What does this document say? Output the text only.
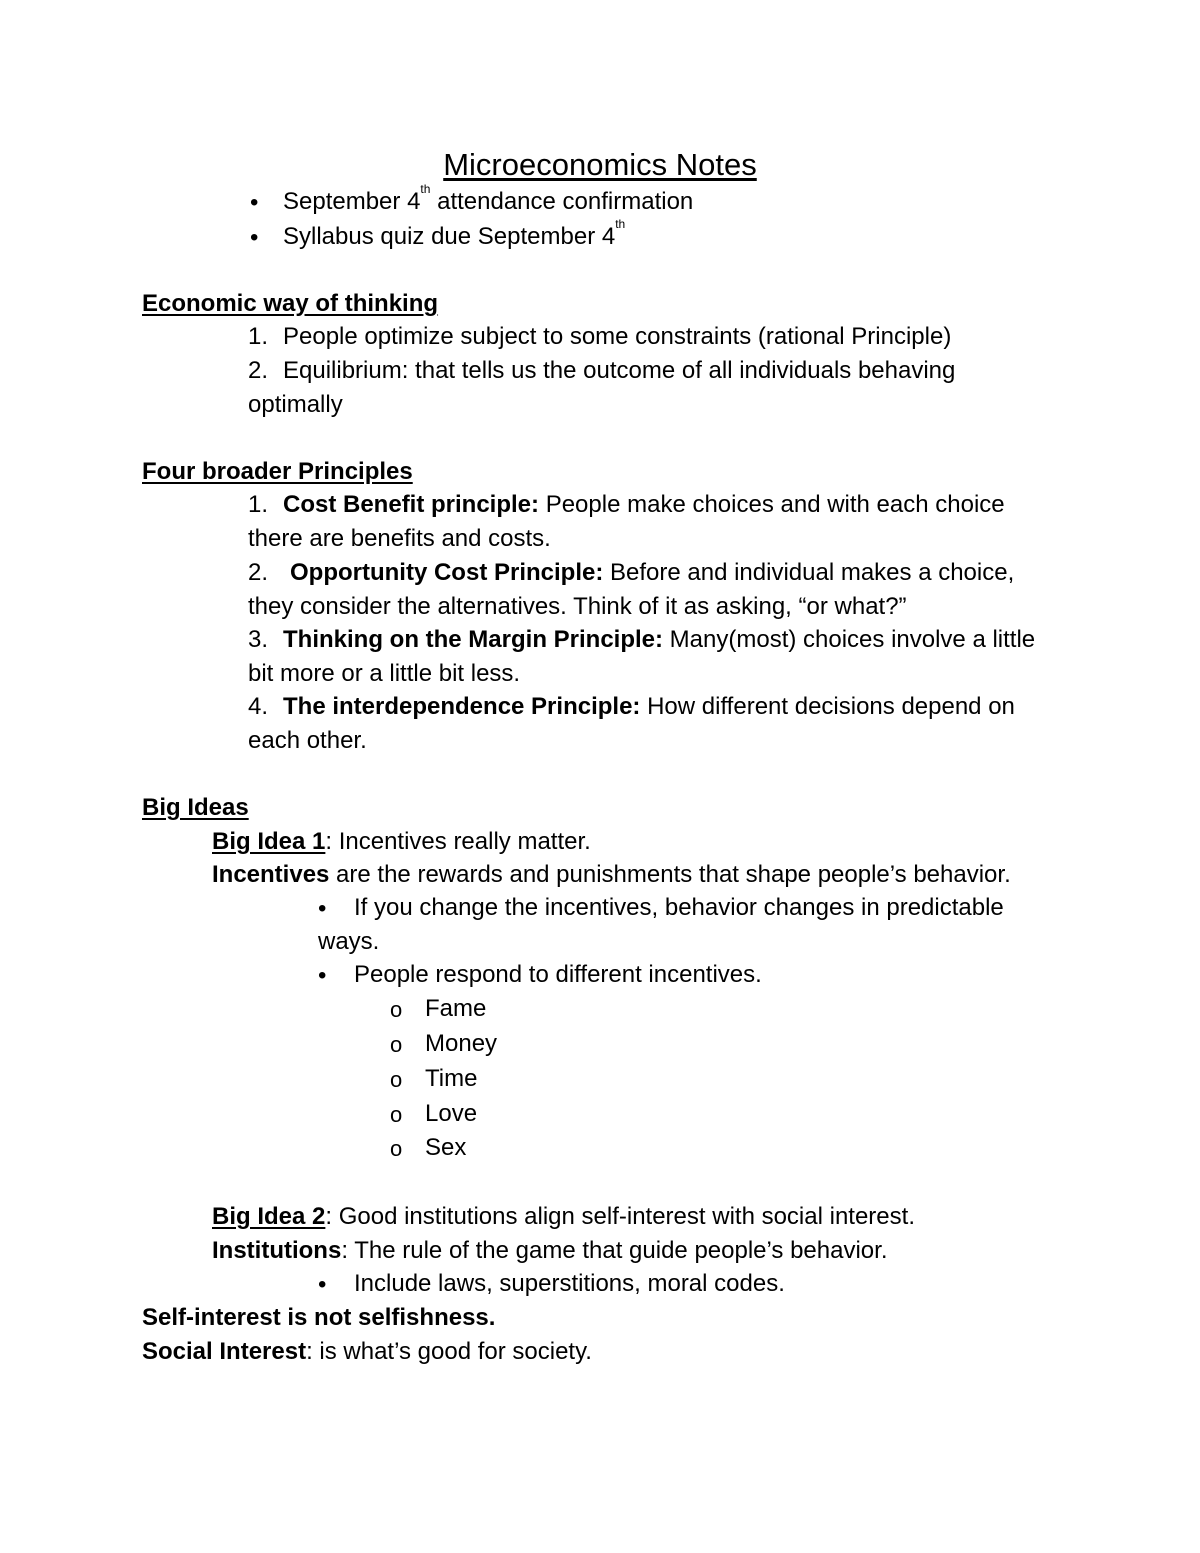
Microeconomics Notes
• September 4th attendance confirmation
• Syllabus quiz due September 4th
Economic way of thinking
1. People optimize subject to some constraints (rational Principle)
2. Equilibrium: that tells us the outcome of all individuals behaving
optimally
Four broader Principles
1. Cost Benefit principle: People make choices and with each choice
there are benefits and costs.
2. Opportunity Cost Principle: Before and individual makes a choice,
they consider the alternatives. Think of it as asking, “or what?”
3. Thinking on the Margin Principle: Many(most) choices involve a little
bit more or a little bit less.
4. The interdependence Principle: How different decisions depend on
each other.
Big Ideas
Big Idea 1: Incentives really matter.
Incentives are the rewards and punishments that shape people’s behavior.
• If you change the incentives, behavior changes in predictable
ways.
• People respond to different incentives.
o Fame
o Money
o Time
o Love
o Sex
Big Idea 2: Good institutions align self-interest with social interest.
Institutions: The rule of the game that guide people’s behavior.
• Include laws, superstitions, moral codes.
Self-interest is not selfishness.
Social Interest: is what’s good for society.
